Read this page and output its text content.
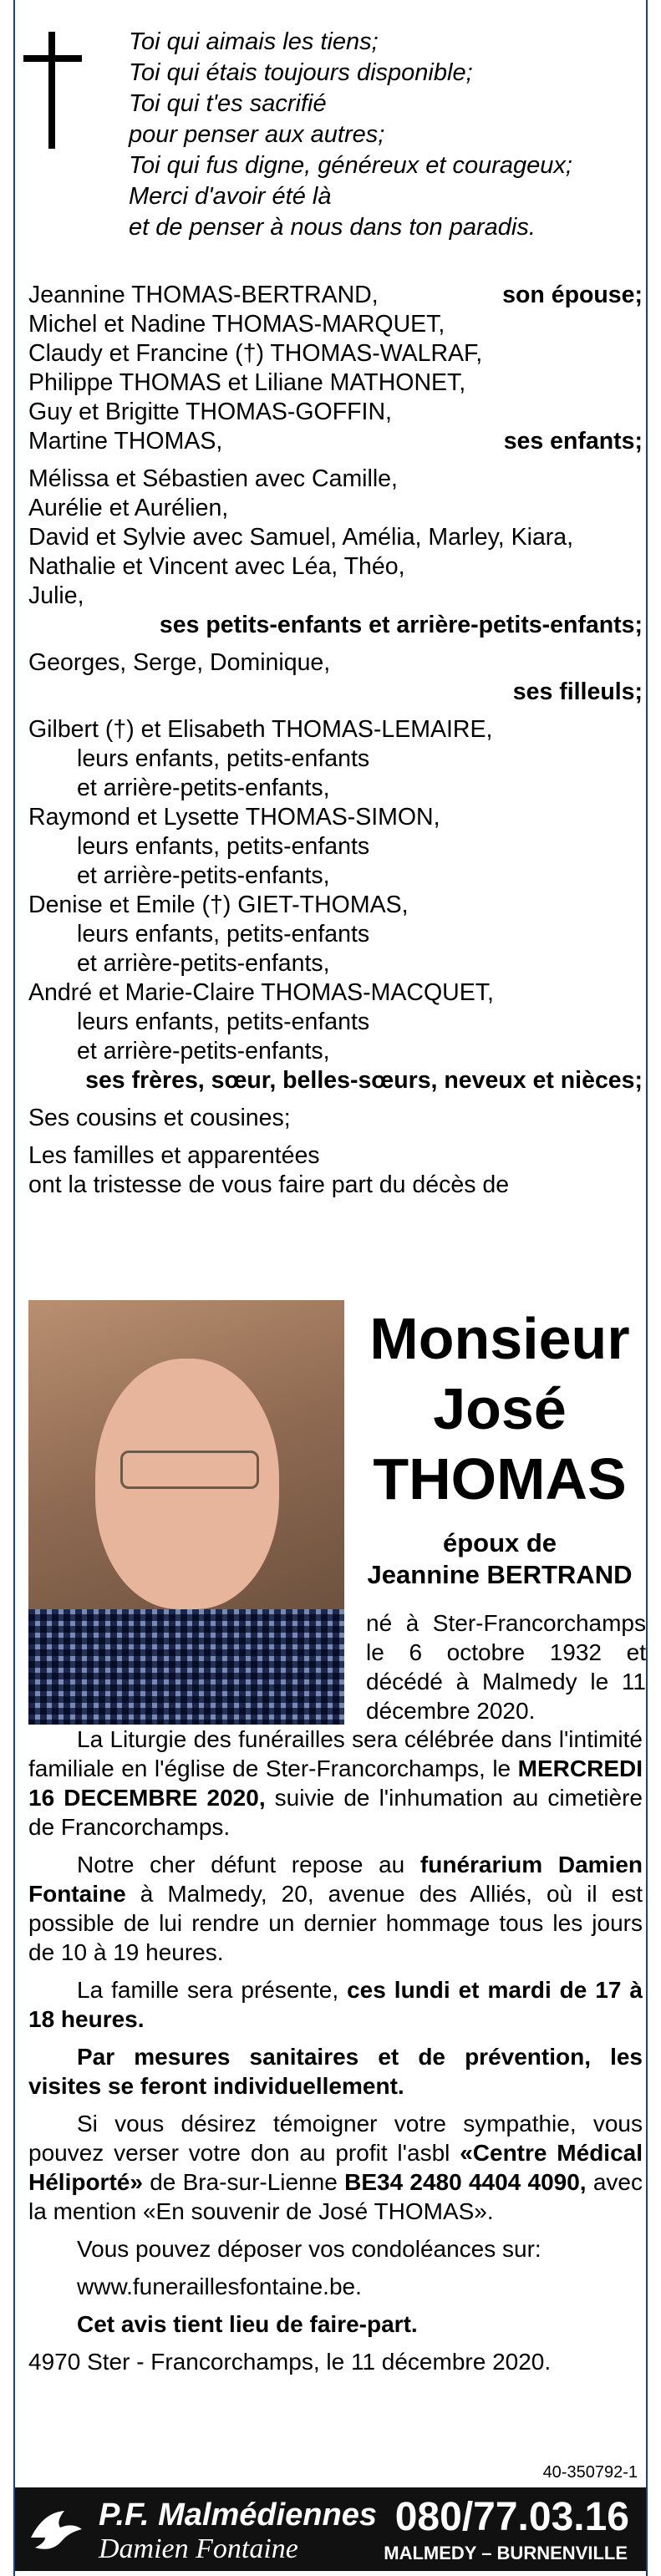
Toi qui aimais les tiens;
Toi qui étais toujours disponible;
Toi qui t'es sacrifié
pour penser aux autres;
Toi qui fus digne, généreux et courageux;
Merci d'avoir été là
et de penser à nous dans ton paradis.
Jeannine THOMAS-BERTRAND,	son épouse;
Michel et Nadine THOMAS-MARQUET,
Claudy et Francine (†) THOMAS-WALRAF,
Philippe THOMAS et Liliane MATHONET,
Guy et Brigitte THOMAS-GOFFIN,
Martine THOMAS,	ses enfants;
Mélissa et Sébastien avec Camille,
Aurélie et Aurélien,
David et Sylvie avec Samuel, Amélia, Marley, Kiara,
Nathalie et Vincent avec Léa, Théo,
Julie,
ses petits-enfants et arrière-petits-enfants;
Georges, Serge, Dominique,
ses filleuls;
Gilbert (†) et Elisabeth THOMAS-LEMAIRE,
leurs enfants, petits-enfants
et arrière-petits-enfants,
Raymond et Lysette THOMAS-SIMON,
leurs enfants, petits-enfants
et arrière-petits-enfants,
Denise et Emile (†) GIET-THOMAS,
leurs enfants, petits-enfants
et arrière-petits-enfants,
André et Marie-Claire THOMAS-MACQUET,
leurs enfants, petits-enfants
et arrière-petits-enfants,
ses frères, sœur, belles-sœurs, neveux et nièces;
Ses cousins et cousines;
Les familles et apparentées
ont la tristesse de vous faire part du décès de
Monsieur
José
THOMAS
époux de
Jeannine BERTRAND
né à Ster-Francorchamps le 6 octobre 1932 et décédé à Malmedy le 11 décembre 2020.

La Liturgie des funérailles sera célébrée dans l'intimité familiale en l'église de Ster-Francorchamps, le MERCREDI 16 DECEMBRE 2020, suivie de l'inhumation au cimetière de Francorchamps.

Notre cher défunt repose au funérarium Damien Fontaine à Malmedy, 20, avenue des Alliés, où il est possible de lui rendre un dernier hommage tous les jours de 10 à 19 heures.

La famille sera présente, ces lundi et mardi de 17 à 18 heures.

Par mesures sanitaires et de prévention, les visites se feront individuellement.

Si vous désirez témoigner votre sympathie, vous pouvez verser votre don au profit l'asbl «Centre Médical Héliporté» de Bra-sur-Lienne BE34 2480 4404 4090, avec la mention «En souvenir de José THOMAS».

Vous pouvez déposer vos condoléances sur:

www.funeraillesfontaine.be.

Cet avis tient lieu de faire-part.

4970 Ster - Francorchamps, le 11 décembre 2020.

40-350792-1
P.F. Malmédiennes
Damien Fontaine
080/77.03.16
MALMEDY – BURNENVILLE
